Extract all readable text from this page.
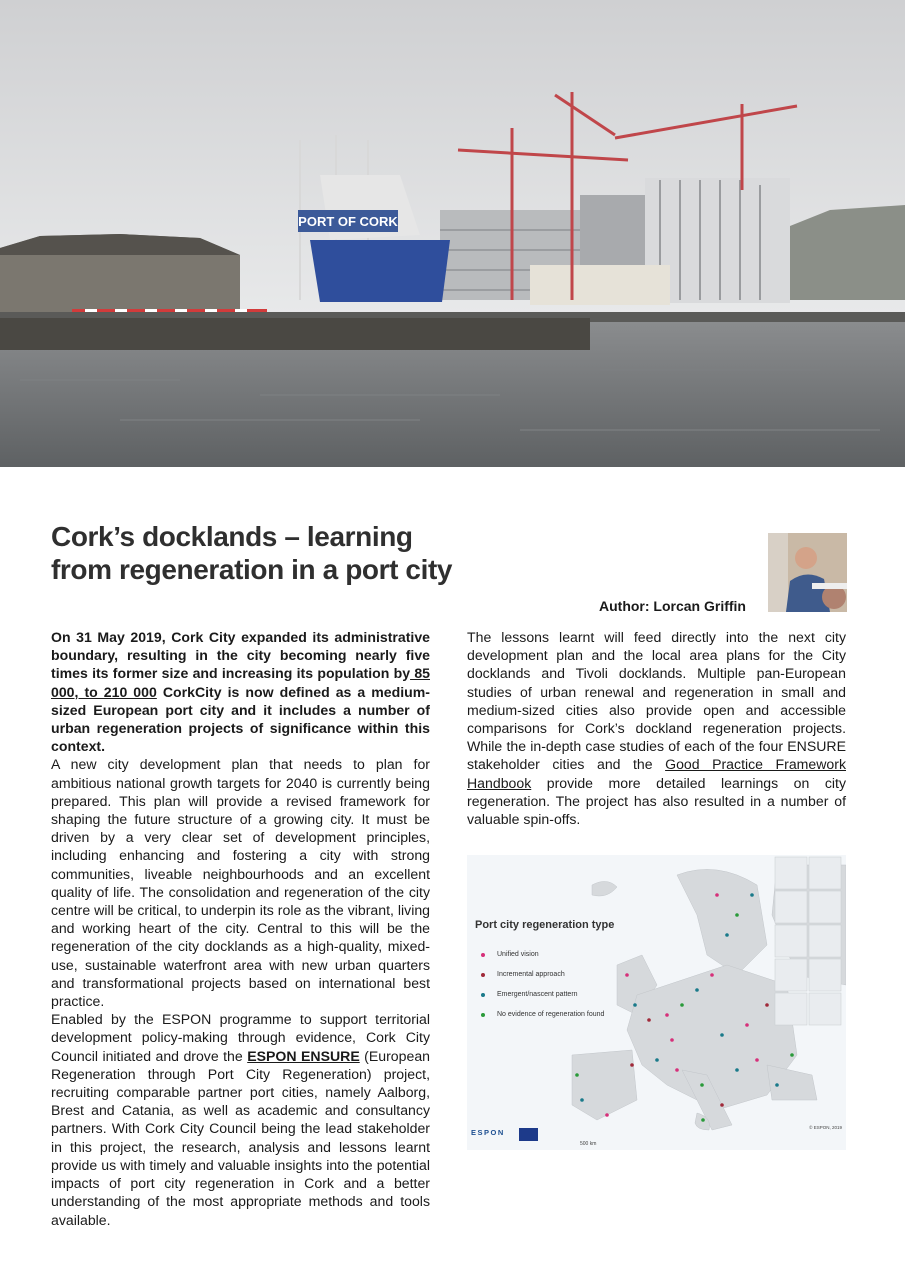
PORT OF CORK
Cork’s docklands – learning
from regeneration in a port city
Author: Lorcan Griffin

On 31 May 2019, Cork City expanded its administrative boundary, resulting in the city becoming nearly five times its former size and increasing its population by 85 000, to 210 000 CorkCity is now defined as a medium-sized European port city and it includes a number of urban regeneration projects of significance within this context.

A new city development plan that needs to plan for ambitious national growth targets for 2040 is currently being prepared. This plan will provide a revised framework for shaping the future structure of a growing city. It must be driven by a very clear set of development principles, including enhancing and fostering a city with strong communities, liveable neighbourhoods and an excellent quality of life. The consolidation and regeneration of the city centre will be critical, to underpin its role as the vibrant, living and working heart of the city. Central to this will be the regeneration of the city docklands as a high-quality, mixed-use, sustainable waterfront area with new urban quarters and transformational projects based on international best practice.

Enabled by the ESPON programme to support territorial development policy-making through evidence, Cork City Council initiated and drove the ESPON ENSURE (European Regeneration through Port City Regeneration) project, recruiting comparable partner port cities, namely Aalborg, Brest and Catania, as well as academic and consultancy partners. With Cork City Council being the lead stakeholder in this project, the research, analysis and lessons learnt provide us with timely and valuable insights into the potential impacts of port city regeneration in Cork and a better understanding of the most appropriate methods and tools available.

The lessons learnt will feed directly into the next city development plan and the local area plans for the City docklands and Tivoli docklands. Multiple pan-European studies of urban renewal and regeneration in small and medium-sized cities also provide open and accessible comparisons for Cork’s dockland regeneration projects. While the in-depth case studies of each of the four ENSURE stakeholder cities and the Good Practice Framework Handbook provide more detailed learnings on city regeneration. The project has also resulted in a number of valuable spin-offs.

Port city regeneration type
Unified vision
Incremental approach
Emergent/nascent pattern
No evidence of regeneration found
ESPON
500 km
© ESPON, 2019
